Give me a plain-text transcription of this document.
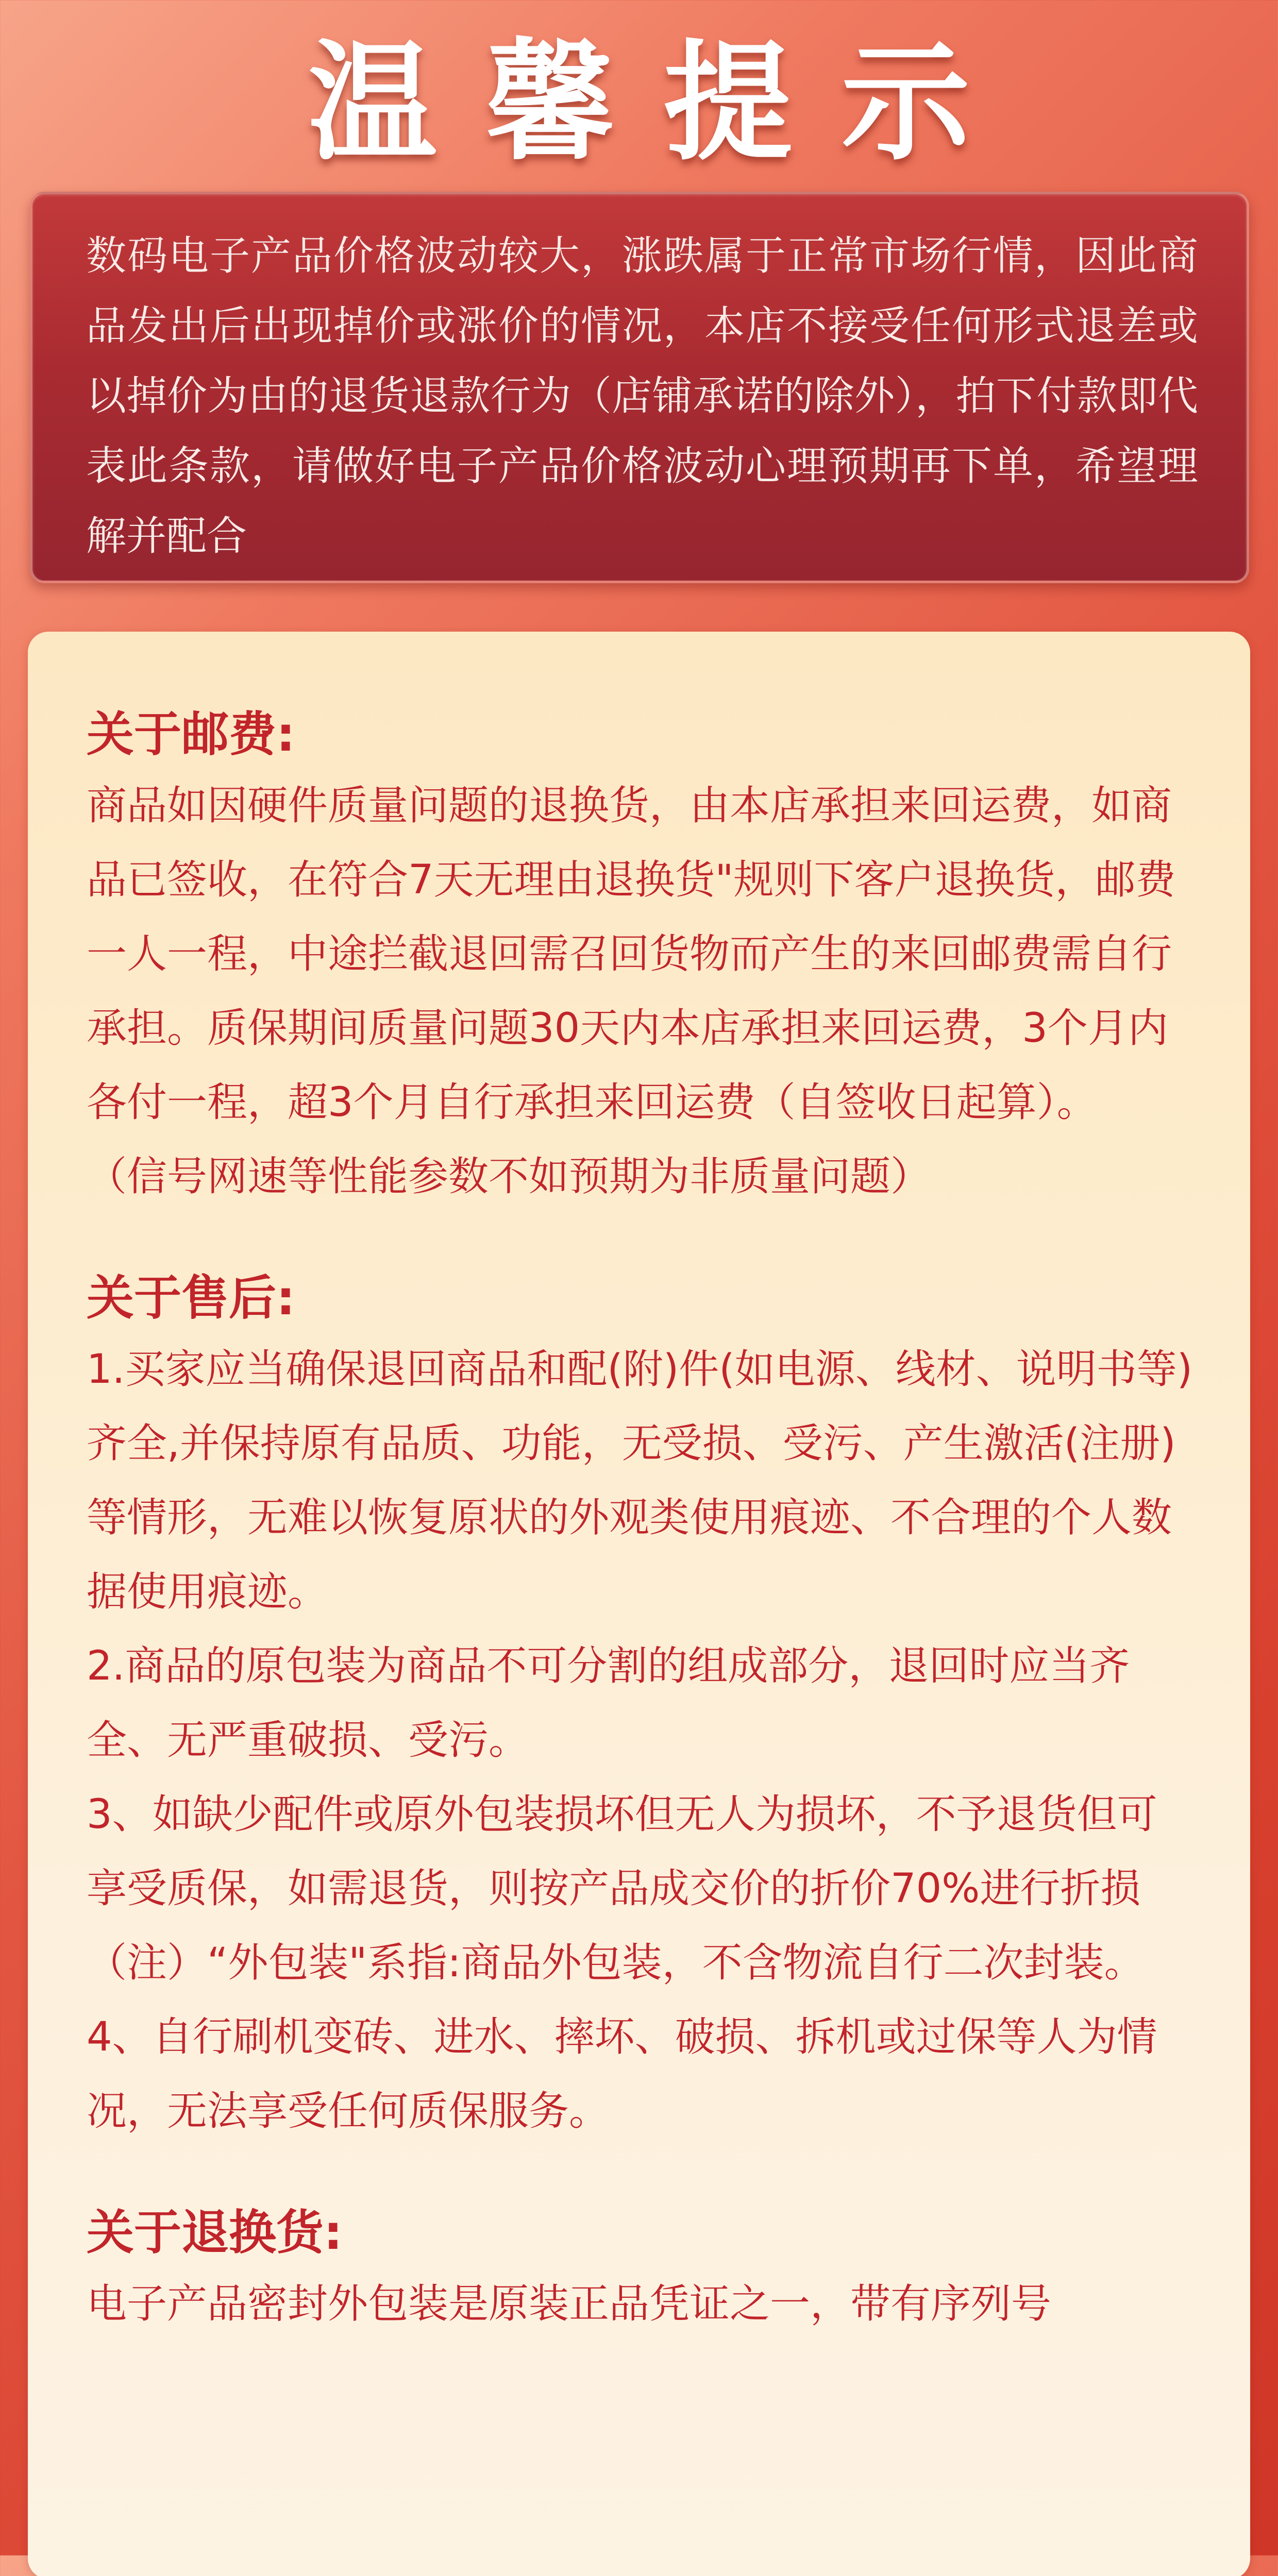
温馨提示
数码电子产品价格波动较大，涨跌属于正常市场行情，因此商品发出后出现掉价或涨价的情况，本店不接受任何形式退差或以掉价为由的退货退款行为（店铺承诺的除外），拍下付款即代表此条款，请做好电子产品价格波动心理预期再下单，希望理解并配合
关于邮费:

商品如因硬件质量问题的退换货，由本店承担来回运费，如商品已签收，在符合7天无理由退换货"规则下客户退换货，邮费一人一程，中途拦截退回需召回货物而产生的来回邮费需自行承担。质保期间质量问题30天内本店承担来回运费，3个月内各付一程，超3个月自行承担来回运费（自签收日起算）。

（信号网速等性能参数不如预期为非质量问题）

关于售后:

1.买家应当确保退回商品和配(附)件(如电源、线材、说明书等)齐全,并保持原有品质、功能，无受损、受污、产生激活(注册)等情形，无难以恢复原状的外观类使用痕迹、不合理的个人数据使用痕迹。

2.商品的原包装为商品不可分割的组成部分，退回时应当齐全、无严重破损、受污。

3、如缺少配件或原外包装损坏但无人为损坏，不予退货但可享受质保，如需退货，则按产品成交价的折价70%进行折损（注）“外包装"系指:商品外包装，不含物流自行二次封装。

4、自行刷机变砖、进水、摔坏、破损、拆机或过保等人为情况，无法享受任何质保服务。

关于退换货:

电子产品密封外包装是原装正品凭证之一，带有序列号
